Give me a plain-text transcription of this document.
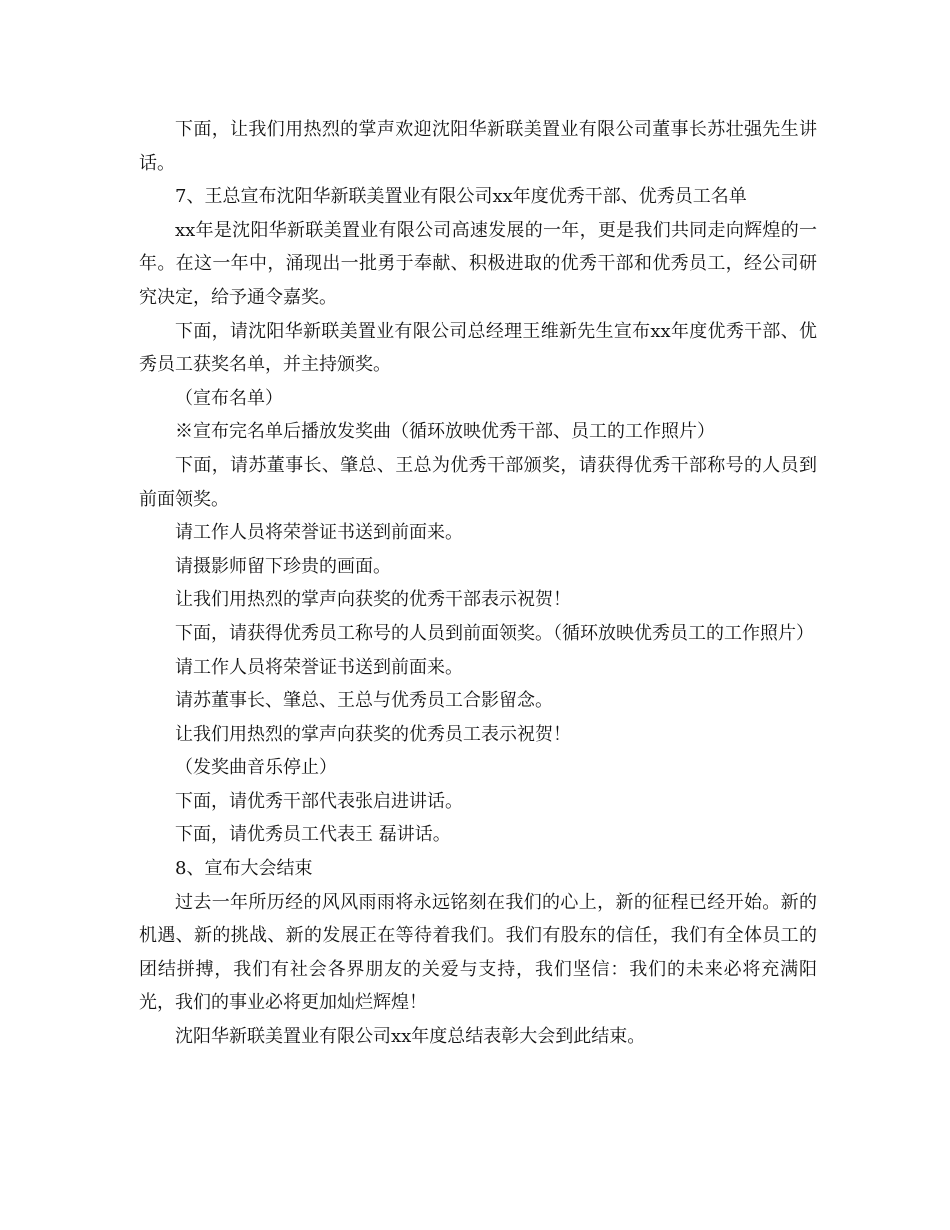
下面，让我们用热烈的掌声欢迎沈阳华新联美置业有限公司董事长苏壮强先生讲话。

7、王总宣布沈阳华新联美置业有限公司xx年度优秀干部、优秀员工名单

xx年是沈阳华新联美置业有限公司高速发展的一年，更是我们共同走向辉煌的一年。在这一年中，涌现出一批勇于奉献、积极进取的优秀干部和优秀员工，经公司研究决定，给予通令嘉奖。

下面，请沈阳华新联美置业有限公司总经理王维新先生宣布xx年度优秀干部、优秀员工获奖名单，并主持颁奖。

（宣布名单）

※宣布完名单后播放发奖曲（循环放映优秀干部、员工的工作照片）

下面，请苏董事长、肇总、王总为优秀干部颁奖，请获得优秀干部称号的人员到前面领奖。

请工作人员将荣誉证书送到前面来。

请摄影师留下珍贵的画面。

让我们用热烈的掌声向获奖的优秀干部表示祝贺！

下面，请获得优秀员工称号的人员到前面领奖。（循环放映优秀员工的工作照片）

请工作人员将荣誉证书送到前面来。

请苏董事长、肇总、王总与优秀员工合影留念。

让我们用热烈的掌声向获奖的优秀员工表示祝贺！

（发奖曲音乐停止）

下面，请优秀干部代表张启进讲话。

下面，请优秀员工代表王 磊讲话。

8、宣布大会结束

过去一年所历经的风风雨雨将永远铭刻在我们的心上，新的征程已经开始。新的机遇、新的挑战、新的发展正在等待着我们。我们有股东的信任，我们有全体员工的团结拼搏，我们有社会各界朋友的关爱与支持，我们坚信：我们的未来必将充满阳光，我们的事业必将更加灿烂辉煌！

沈阳华新联美置业有限公司xx年度总结表彰大会到此结束。
